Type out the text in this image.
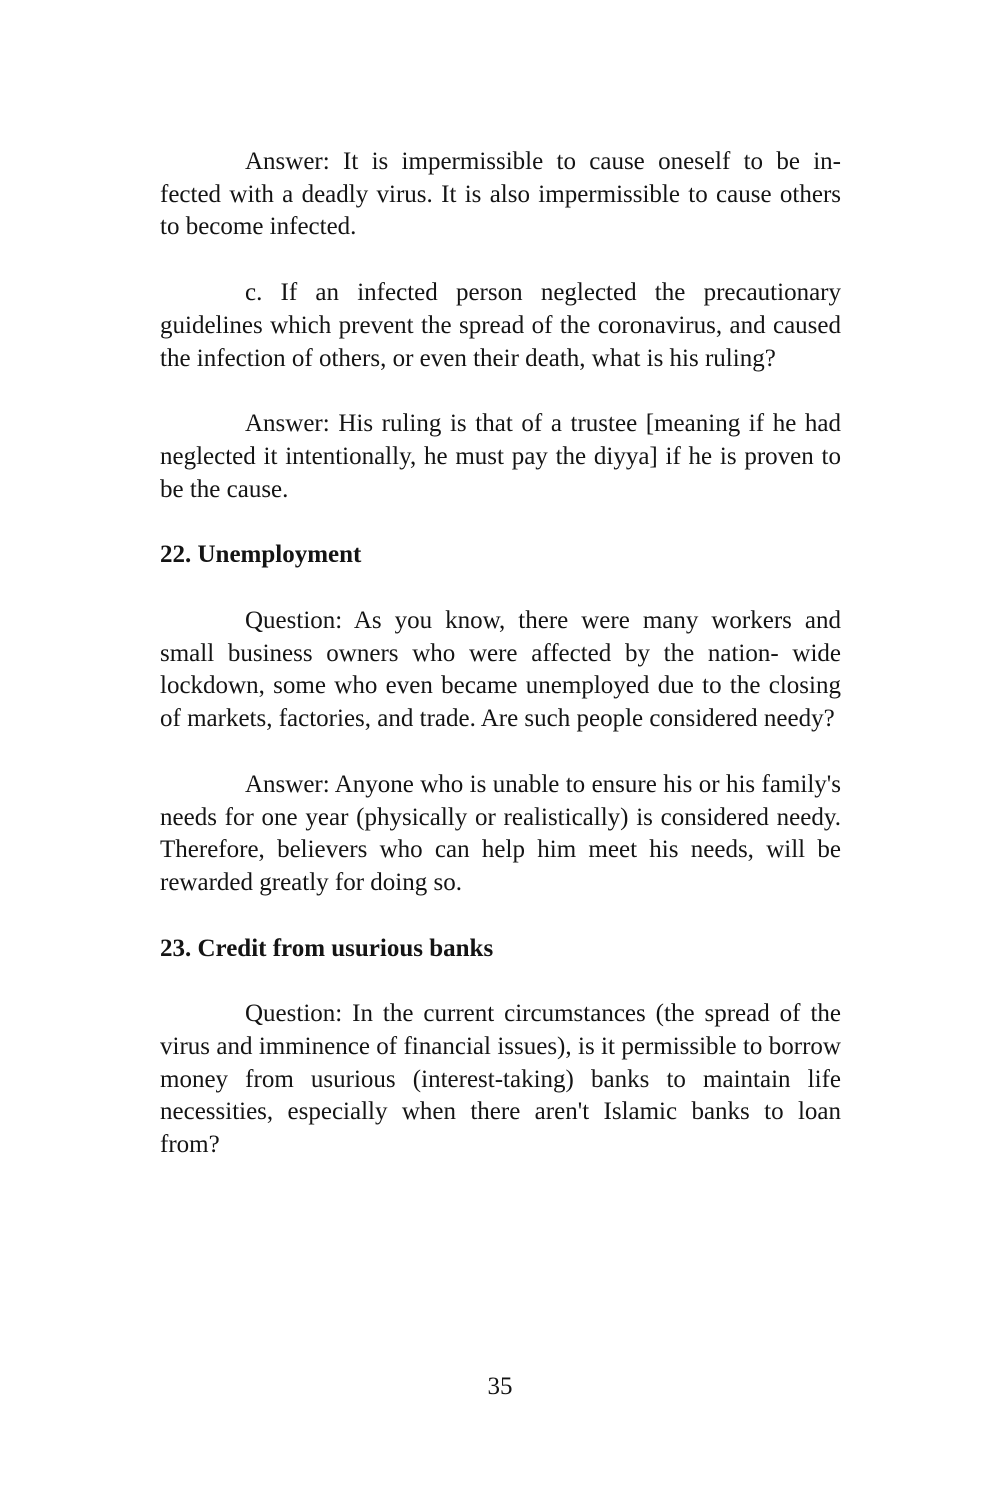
Answer: It is impermissible to cause oneself to be in- fected with a deadly virus. It is also impermissible to cause others to become infected.

c. If an infected person neglected the precautionary guidelines which prevent the spread of the coronavirus, and caused the infection of others, or even their death, what is his ruling?

Answer: His ruling is that of a trustee [meaning if he had neglected it intentionally, he must pay the diyya] if he is proven to be the cause.

22. Unemployment

Question: As you know, there were many workers and small business owners who were affected by the nation- wide lockdown, some who even became unemployed due to the closing of markets, factories, and trade. Are such people considered needy?

Answer: Anyone who is unable to ensure his or his family's needs for one year (physically or realistically) is considered needy. Therefore, believers who can help him meet his needs, will be rewarded greatly for doing so.

23. Credit from usurious banks

Question: In the current circumstances (the spread of the virus and imminence of financial issues), is it permissible to borrow money from usurious (interest-taking) banks to maintain life necessities, especially when there aren't Islamic banks to loan from?

35
